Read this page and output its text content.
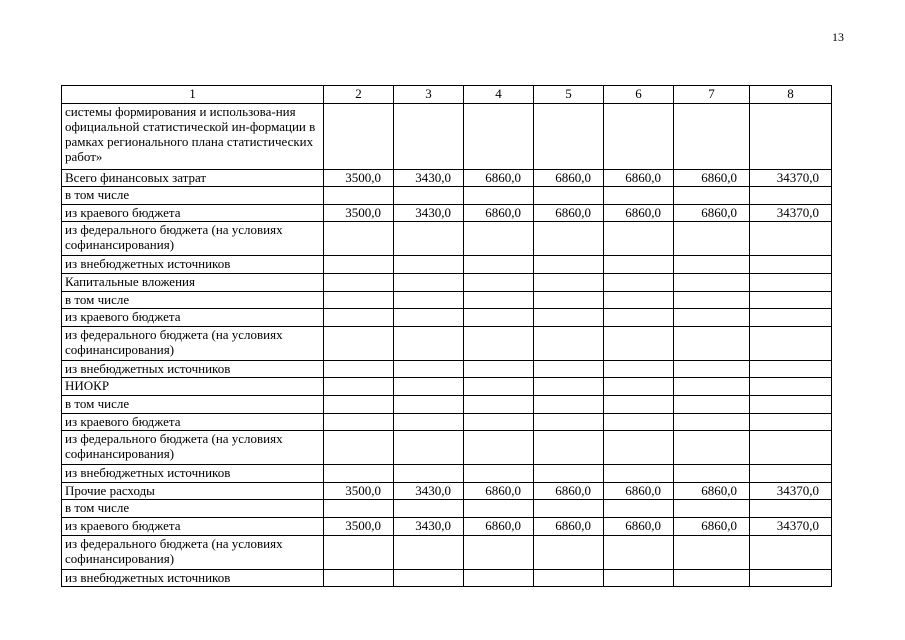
13
1	2	3	4	5	6	7	8
системы формирования и использова-ния официальной статистической ин-формации в рамках регионального плана статистических работ»							
Всего финансовых затрат	3500,0	3430,0	6860,0	6860,0	6860,0	6860,0	34370,0
в том числе							
из краевого бюджета	3500,0	3430,0	6860,0	6860,0	6860,0	6860,0	34370,0
из федерального бюджета (на условиях софинансирования)							
из внебюджетных источников							
Капитальные вложения							
в том числе							
из краевого бюджета							
из федерального бюджета (на условиях софинансирования)							
из внебюджетных источников							
НИОКР							
в том числе							
из краевого бюджета							
из федерального бюджета (на условиях софинансирования)							
из внебюджетных источников							
Прочие расходы	3500,0	3430,0	6860,0	6860,0	6860,0	6860,0	34370,0
в том числе							
из краевого бюджета	3500,0	3430,0	6860,0	6860,0	6860,0	6860,0	34370,0
из федерального бюджета (на условиях софинансирования)							
из внебюджетных источников							
